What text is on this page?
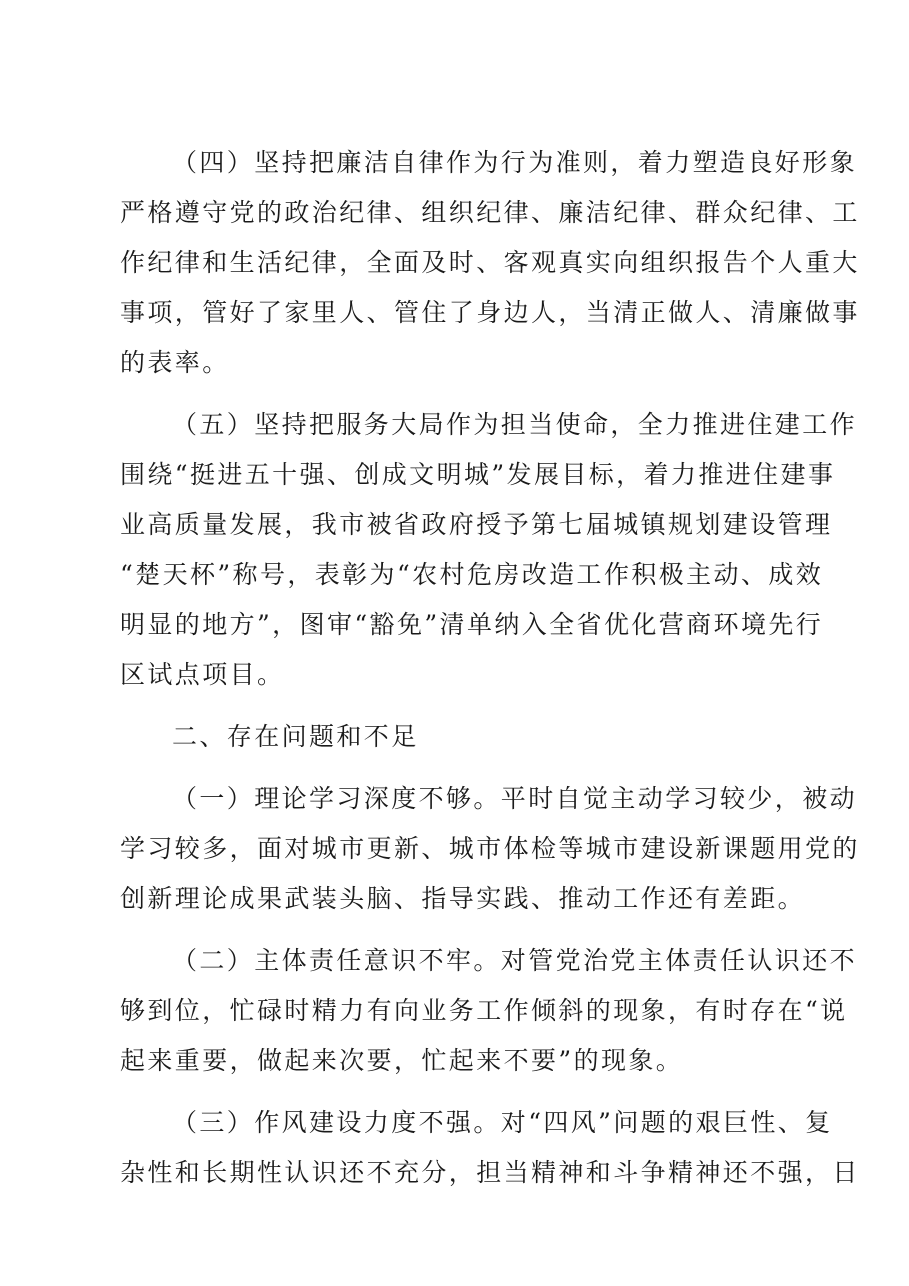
（四）坚持把廉洁自律作为行为准则，着力塑造良好形象
严格遵守党的政治纪律、组织纪律、廉洁纪律、群众纪律、工
作纪律和生活纪律，全面及时、客观真实向组织报告个人重大
事项，管好了家里人、管住了身边人，当清正做人、清廉做事
的表率。
（五）坚持把服务大局作为担当使命，全力推进住建工作
围绕“挺进五十强、创成文明城”发展目标，着力推进住建事
业高质量发展，我市被省政府授予第七届城镇规划建设管理
“楚天杯”称号，表彰为“农村危房改造工作积极主动、成效
明显的地方”，图审“豁免”清单纳入全省优化营商环境先行
区试点项目。
二、存在问题和不足
（一）理论学习深度不够。平时自觉主动学习较少，被动
学习较多，面对城市更新、城市体检等城市建设新课题用党的
创新理论成果武装头脑、指导实践、推动工作还有差距。
（二）主体责任意识不牢。对管党治党主体责任认识还不
够到位，忙碌时精力有向业务工作倾斜的现象，有时存在“说
起来重要，做起来次要，忙起来不要”的现象。
（三）作风建设力度不强。对“四风”问题的艰巨性、复
杂性和长期性认识还不充分，担当精神和斗争精神还不强，日
